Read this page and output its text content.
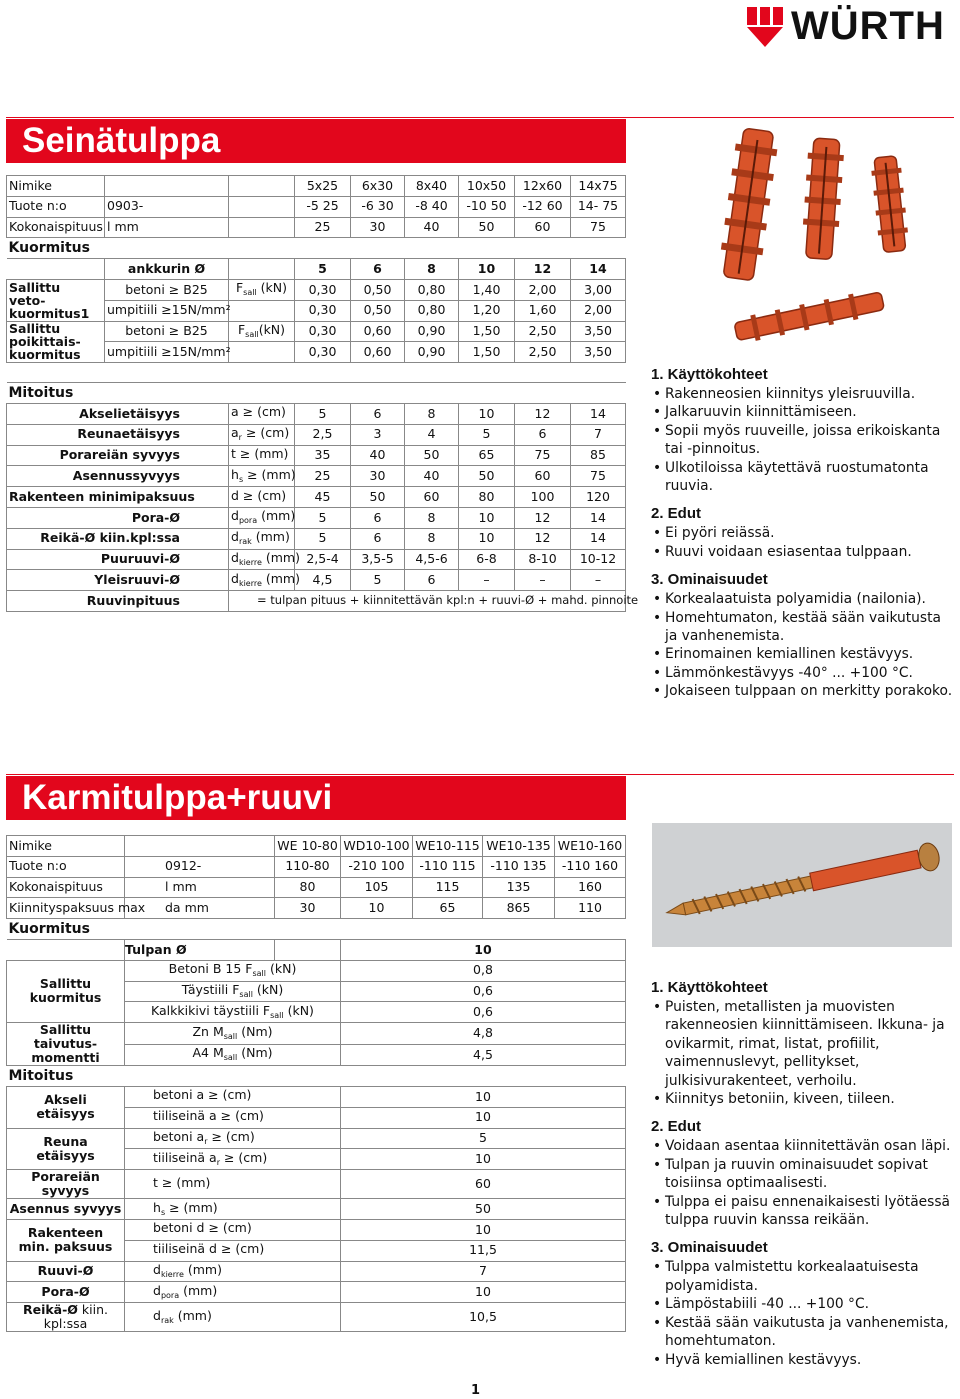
WÜRTH
Seinätulppa
Nimike			5x25	6x30	8x40	10x50	12x60	14x75
Tuote n:o	0903-		-5 25	-6 30	-8 40	-10 50	-12 60	14- 75
Kokonaispituus	l mm		25	30	40	50	60	75
Kuormitus								
	ankkurin Ø		5	6	8	10	12	14

Sallittu
veto-
kuormitus1	betoni ≥ B25	$F_{sall}$ (kN)	0,30	0,50	0,80	1,40	2,00	3,00
	umpitiili ≥15N/mm²		0,30	0,50	0,80	1,20	1,60	2,00

Sallittu
poikittais-
kuormitus	betoni ≥ B25	$F_{sall}(kN)$	0,30	0,60	0,90	1,50	2,50	3,50
	umpitiili ≥15N/mm²		0,30	0,60	0,90	1,50	2,50	3,50

Mitoitus								
Akselietäisyys		a ≥ (cm)	5	6	8	10	12	14
Reunaetäisyys		$a_r \ge (cm)$	2,5	3	4	5	6	7
Porareiän syvyys		t ≥ (mm)	35	40	50	65	75	85
Asennussyvyys		$h_s \ge (mm)$	25	30	40	50	60	75
Rakenteen minimipaksuus		d ≥ (cm)	45	50	60	80	100	120
Pora-Ø		$d_{pora}$ (mm)	5	6	8	10	12	14
Reikä-Ø kiin.kpl:ssa		$d_{rak}$ (mm)	5	6	8	10	12	14
Puuruuvi-Ø		$d_{kierre}$ (mm)	2,5-4	3,5-5	4,5-6	6-8	8-10	10-12
Yleisruuvi-Ø		$d_{kierre}$ (mm)	4,5	5	6	–	–	–
Ruuvinpituus		= tulpan pituus + kiinnitettävän kpl:n + ruuvi-Ø + mahd. pinnoite						
1. Käyttökohteet
• Rakenneosien kiinnitys yleisruuvilla.
• Jalkaruuvin kiinnittämiseen.
• Sopii myös ruuveille, joissa erikoiskanta tai -pinnoitus.
• Ulkotiloissa käytettävä ruostumatonta ruuvia.
2. Edut
• Ei pyöri reiässä.
• Ruuvi voidaan esiasentaa tulppaan.
3. Ominaisuudet
• Korkealaatuista polyamidia (nailonia).
• Homehtumaton, kestää sään vaikutusta ja vanhenemista.
• Erinomainen kemiallinen kestävyys.
• Lämmönkestävyys -40° ... +100 °C.
• Jokaiseen tulppaan on merkitty porakoko.
Karmitulppa+ruuvi
Nimike		WE 10-80	WD10-100	WE10-115	WE10-135	WE10-160
Tuote n:o	0912-	110-80	-210 100	-110 115	-110 135	-110 160
Kokonaispituus	l mm	80	105	115	135	160
Kiinnityspaksuus max	da mm	30	10	65	865	110
Kuormitus						
	Tulpan Ø		10			

Sallittu
kuormitus	Betoni B 15 $F_{sall}$ (kN)		0,8			
	Täystiili $F_{sall}$ (kN)		0,6			
	Kalkkikivi täystiili $F_{sall}$ (kN)		0,6			

Sallittu
taivutus-
momentti	Zn $M_{sall}$ (Nm)		4,8			
	A4 $M_{sall}$ (Nm)		4,5			
Mitoitus						

Akseli
etäisyys	betoni a ≥ (cm)		10			
	tiiliseinä a ≥ (cm)		10			

Reuna
etäisyys	betoni $a_r \ge (cm)$		5			
	tiiliseinä $a_r \ge (cm)$		10			

Porareiän
syvyys	t ≥ (mm)		60			

Asennus syvyys	$h_s \ge (mm)$		50			

Rakenteen
min. paksuus	betoni d ≥ (cm)		10			
	tiiliseinä d ≥ (cm)		11,5			

Ruuvi-Ø	$d_{kierre}$ (mm)		7			

Pora-Ø	$d_{pora}$ (mm)		10			

Reikä-Ø kiin. kpl:ssa	$d_{rak}$ (mm)		10,5			
1. Käyttökohteet
• Puisten, metallisten ja muovisten rakenneosien kiinnittämiseen. Ikkuna- ja ovikarmit, rimat, listat, profiilit, vaimennuslevyt, pellitykset, julkisivurakenteet, verhoilu.
• Kiinnitys betoniin, kiveen, tiileen.
2. Edut
• Voidaan asentaa kiinnitettävän osan läpi.
• Tulpan ja ruuvin ominaisuudet sopivat toisiinsa optimaalisesti.
• Tulppa ei paisu ennenaikaisesti lyötäessä tulppa ruuvin kanssa reikään.
3. Ominaisuudet
• Tulppa valmistettu korkealaatuisesta polyamidista.
• Lämpöstabiili -40 ... +100 °C.
• Kestää sään vaikutusta ja vanhenemista, homehtumaton.
• Hyvä kemiallinen kestävyys.
1
